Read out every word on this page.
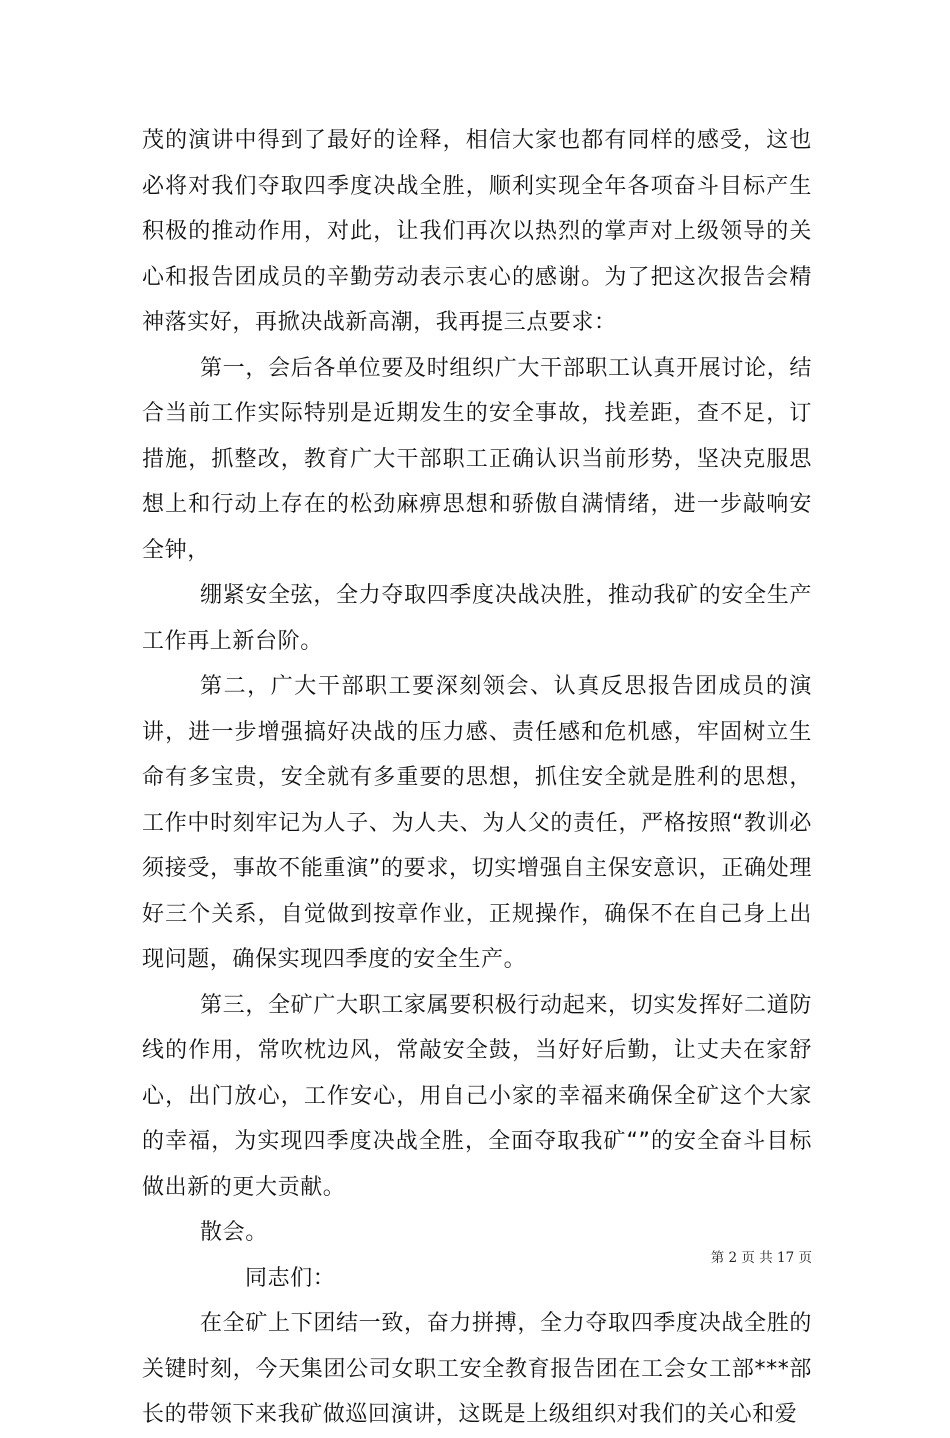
茂的演讲中得到了最好的诠释，相信大家也都有同样的感受，这也必将对我们夺取四季度决战全胜，顺利实现全年各项奋斗目标产生积极的推动作用，对此，让我们再次以热烈的掌声对上级领导的关心和报告团成员的辛勤劳动表示衷心的感谢。为了把这次报告会精神落实好，再掀决战新高潮，我再提三点要求：

第一，会后各单位要及时组织广大干部职工认真开展讨论，结合当前工作实际特别是近期发生的安全事故，找差距，查不足，订措施，抓整改，教育广大干部职工正确认识当前形势，坚决克服思想上和行动上存在的松劲麻痹思想和骄傲自满情绪，进一步敲响安全钟，

绷紧安全弦，全力夺取四季度决战决胜，推动我矿的安全生产工作再上新台阶。

第二，广大干部职工要深刻领会、认真反思报告团成员的演讲，进一步增强搞好决战的压力感、责任感和危机感，牢固树立生命有多宝贵，安全就有多重要的思想，抓住安全就是胜利的思想，工作中时刻牢记为人子、为人夫、为人父的责任，严格按照“教训必须接受，事故不能重演”的要求，切实增强自主保安意识，正确处理好三个关系，自觉做到按章作业，正规操作，确保不在自己身上出现问题，确保实现四季度的安全生产。

第三，全矿广大职工家属要积极行动起来，切实发挥好二道防线的作用，常吹枕边风，常敲安全鼓，当好好后勤，让丈夫在家舒心，出门放心，工作安心，用自己小家的幸福来确保全矿这个大家的幸福，为实现四季度决战全胜，全面夺取我矿“”的安全奋斗目标做出新的更大贡献。

散会。

同志们：

在全矿上下团结一致，奋力拼搏，全力夺取四季度决战全胜的关键时刻，今天集团公司女职工安全教育报告团在工会女工部***部长的带领下来我矿做巡回演讲，这既是上级组织对我们的关心和爱

第 2 页 共 17 页
